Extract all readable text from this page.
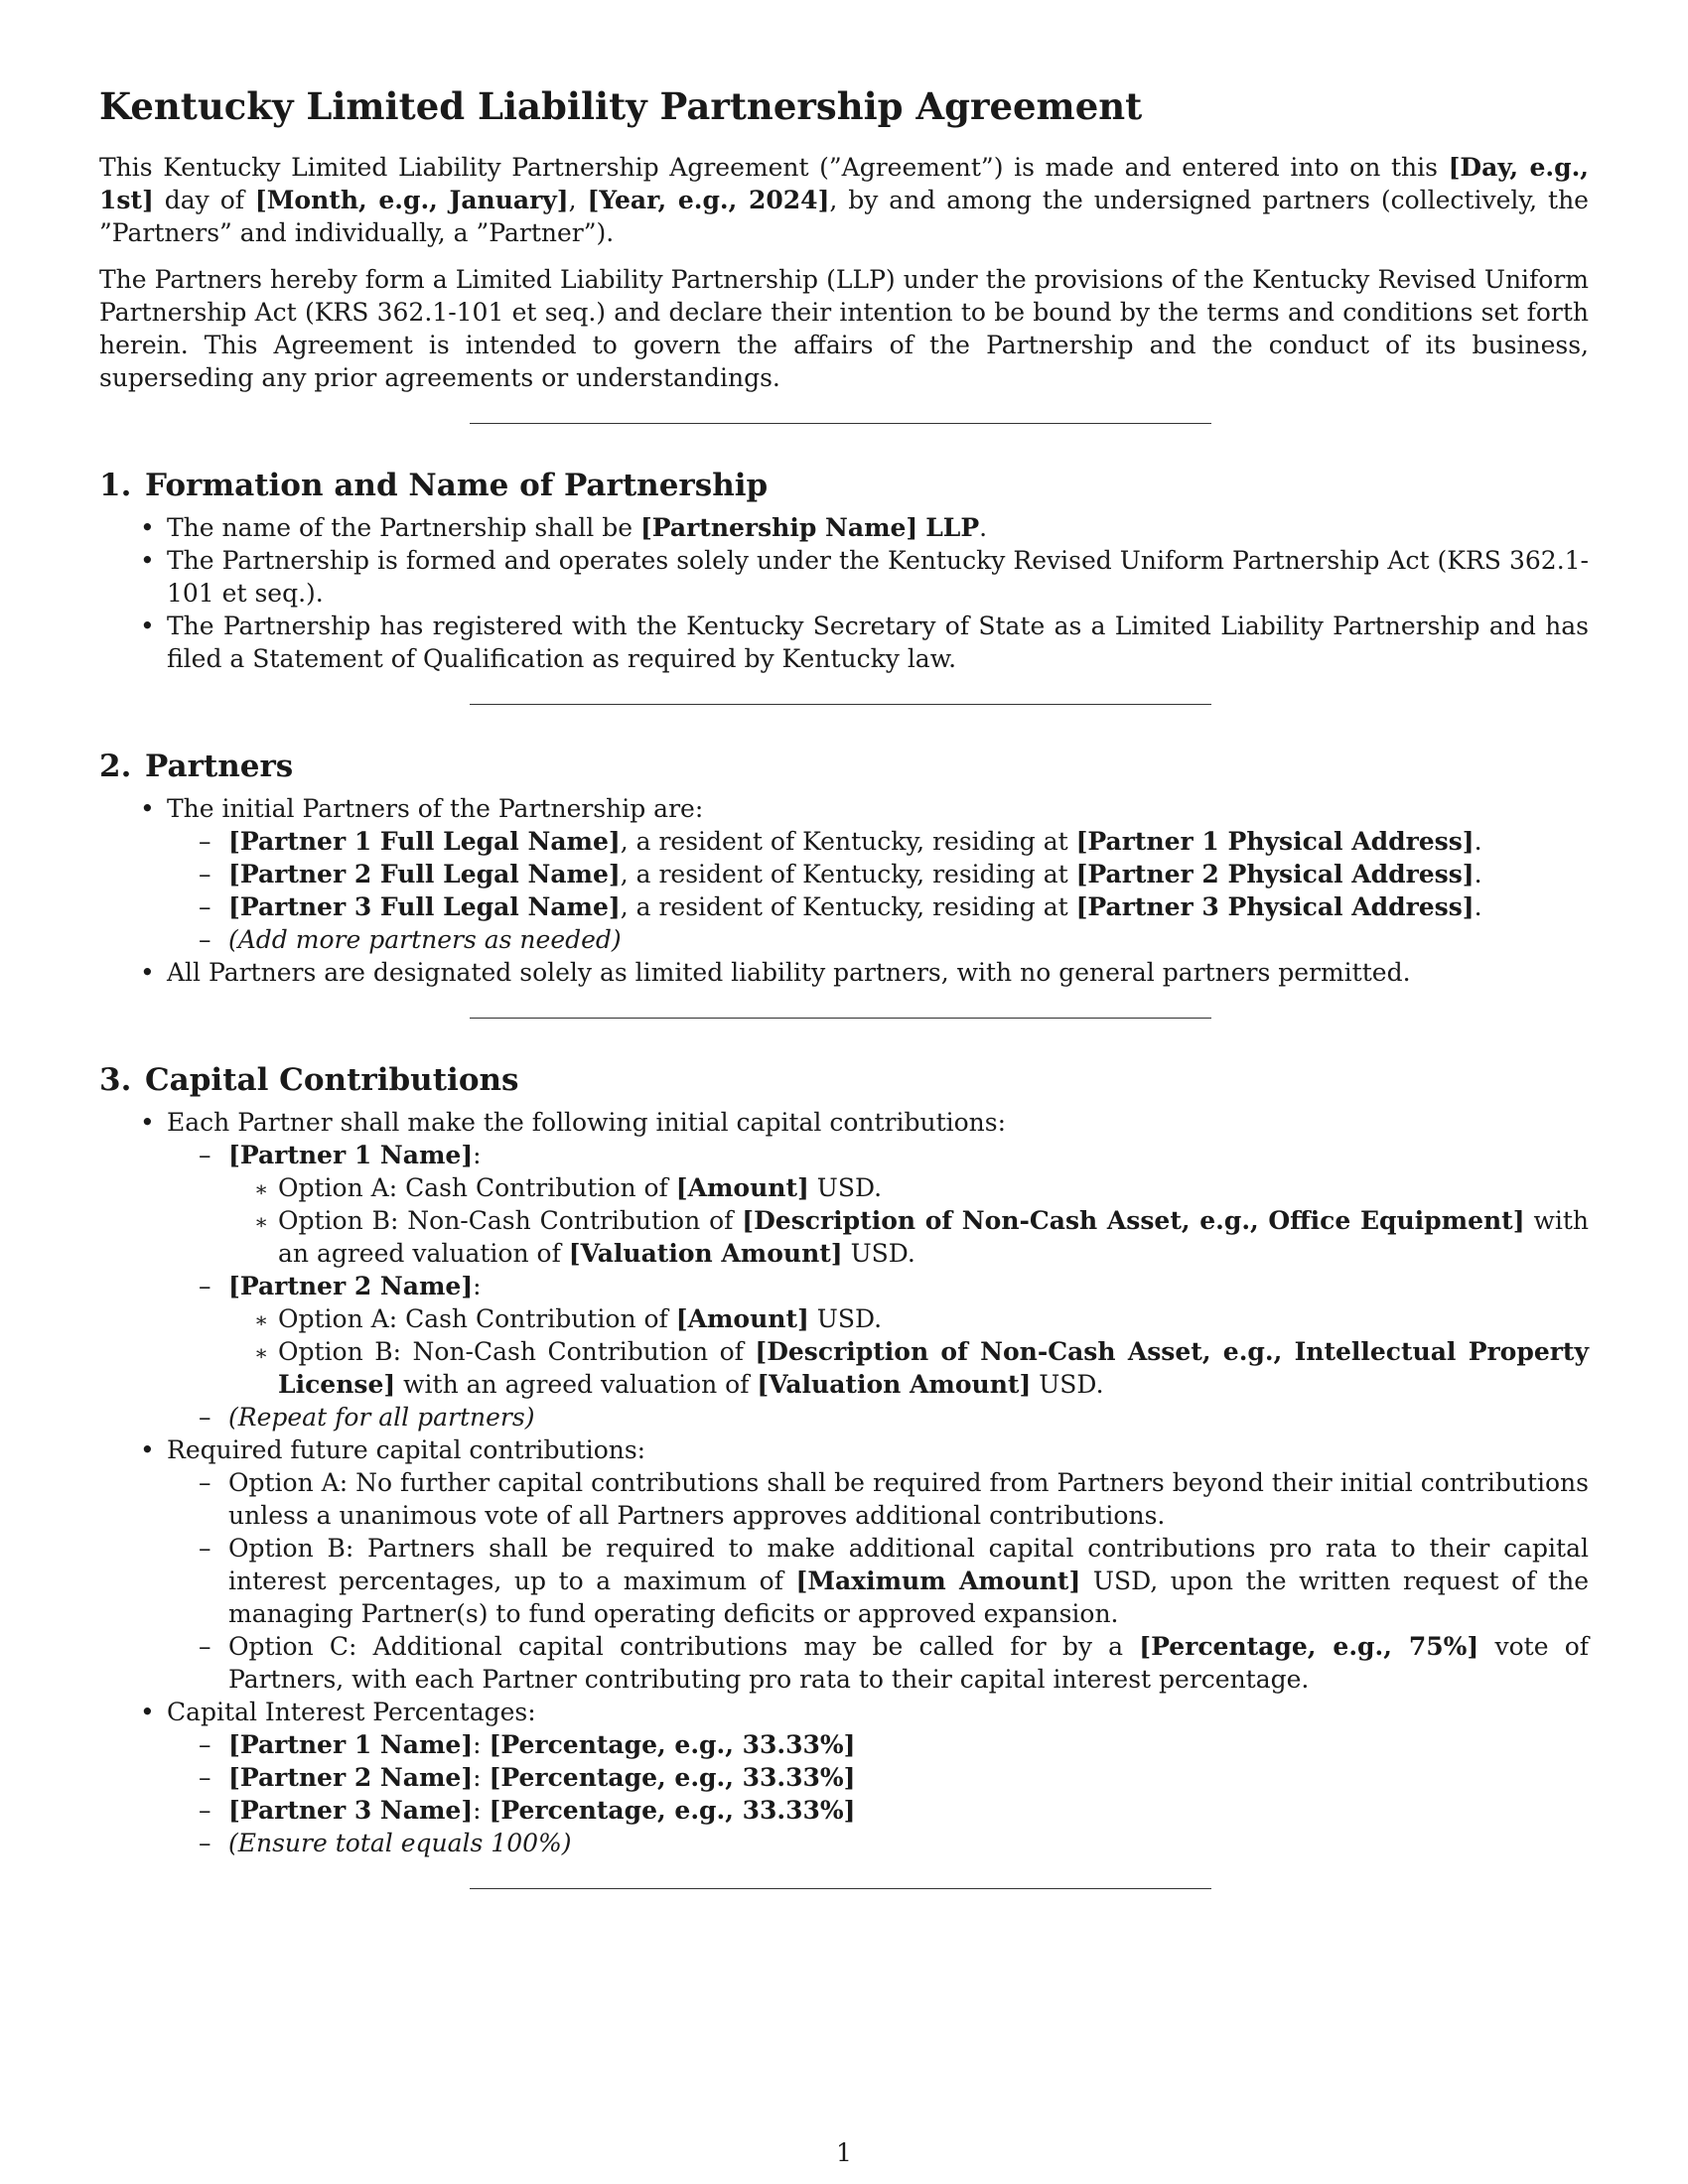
Kentucky Limited Liability Partnership Agreement

This Kentucky Limited Liability Partnership Agreement (”Agreement”) is made and entered into on this [Day, e.g., 1st] day of [Month, e.g., January], [Year, e.g., 2024], by and among the undersigned partners (collectively, the ”Partners” and individually, a ”Partner”).

The Partners hereby form a Limited Liability Partnership (LLP) under the provisions of the Kentucky Revised Uniform Partnership Act (KRS 362.1-101 et seq.) and declare their intention to be bound by the terms and conditions set forth herein. This Agreement is intended to govern the affairs of the Partnership and the conduct of its business, superseding any prior agreements or understandings.

1. Formation and Name of Partnership
• The name of the Partnership shall be [Partnership Name] LLP.
• The Partnership is formed and operates solely under the Kentucky Revised Uniform Partnership Act (KRS 362.1-101 et seq.).
• The Partnership has registered with the Kentucky Secretary of State as a Limited Liability Partnership and has filed a Statement of Qualification as required by Kentucky law.
2. Partners
• The initial Partners of the Partnership are:
– [Partner 1 Full Legal Name], a resident of Kentucky, residing at [Partner 1 Physical Address].
– [Partner 2 Full Legal Name], a resident of Kentucky, residing at [Partner 2 Physical Address].
– [Partner 3 Full Legal Name], a resident of Kentucky, residing at [Partner 3 Physical Address].
– (Add more partners as needed)
• All Partners are designated solely as limited liability partners, with no general partners permitted.
3. Capital Contributions
• Each Partner shall make the following initial capital contributions:
– [Partner 1 Name]:
∗ Option A: Cash Contribution of [Amount] USD.
∗ Option B: Non-Cash Contribution of [Description of Non-Cash Asset, e.g., Office Equipment] with an agreed valuation of [Valuation Amount] USD.
– [Partner 2 Name]:
∗ Option A: Cash Contribution of [Amount] USD.
∗ Option B: Non-Cash Contribution of [Description of Non-Cash Asset, e.g., Intellectual Property License] with an agreed valuation of [Valuation Amount] USD.
– (Repeat for all partners)
• Required future capital contributions:
– Option A: No further capital contributions shall be required from Partners beyond their initial contributions unless a unanimous vote of all Partners approves additional contributions.
– Option B: Partners shall be required to make additional capital contributions pro rata to their capital interest percentages, up to a maximum of [Maximum Amount] USD, upon the written request of the managing Partner(s) to fund operating deficits or approved expansion.
– Option C: Additional capital contributions may be called for by a [Percentage, e.g., 75%] vote of Partners, with each Partner contributing pro rata to their capital interest percentage.
• Capital Interest Percentages:
– [Partner 1 Name]: [Percentage, e.g., 33.33%]
– [Partner 2 Name]: [Percentage, e.g., 33.33%]
– [Partner 3 Name]: [Percentage, e.g., 33.33%]
– (Ensure total equals 100%)
1
